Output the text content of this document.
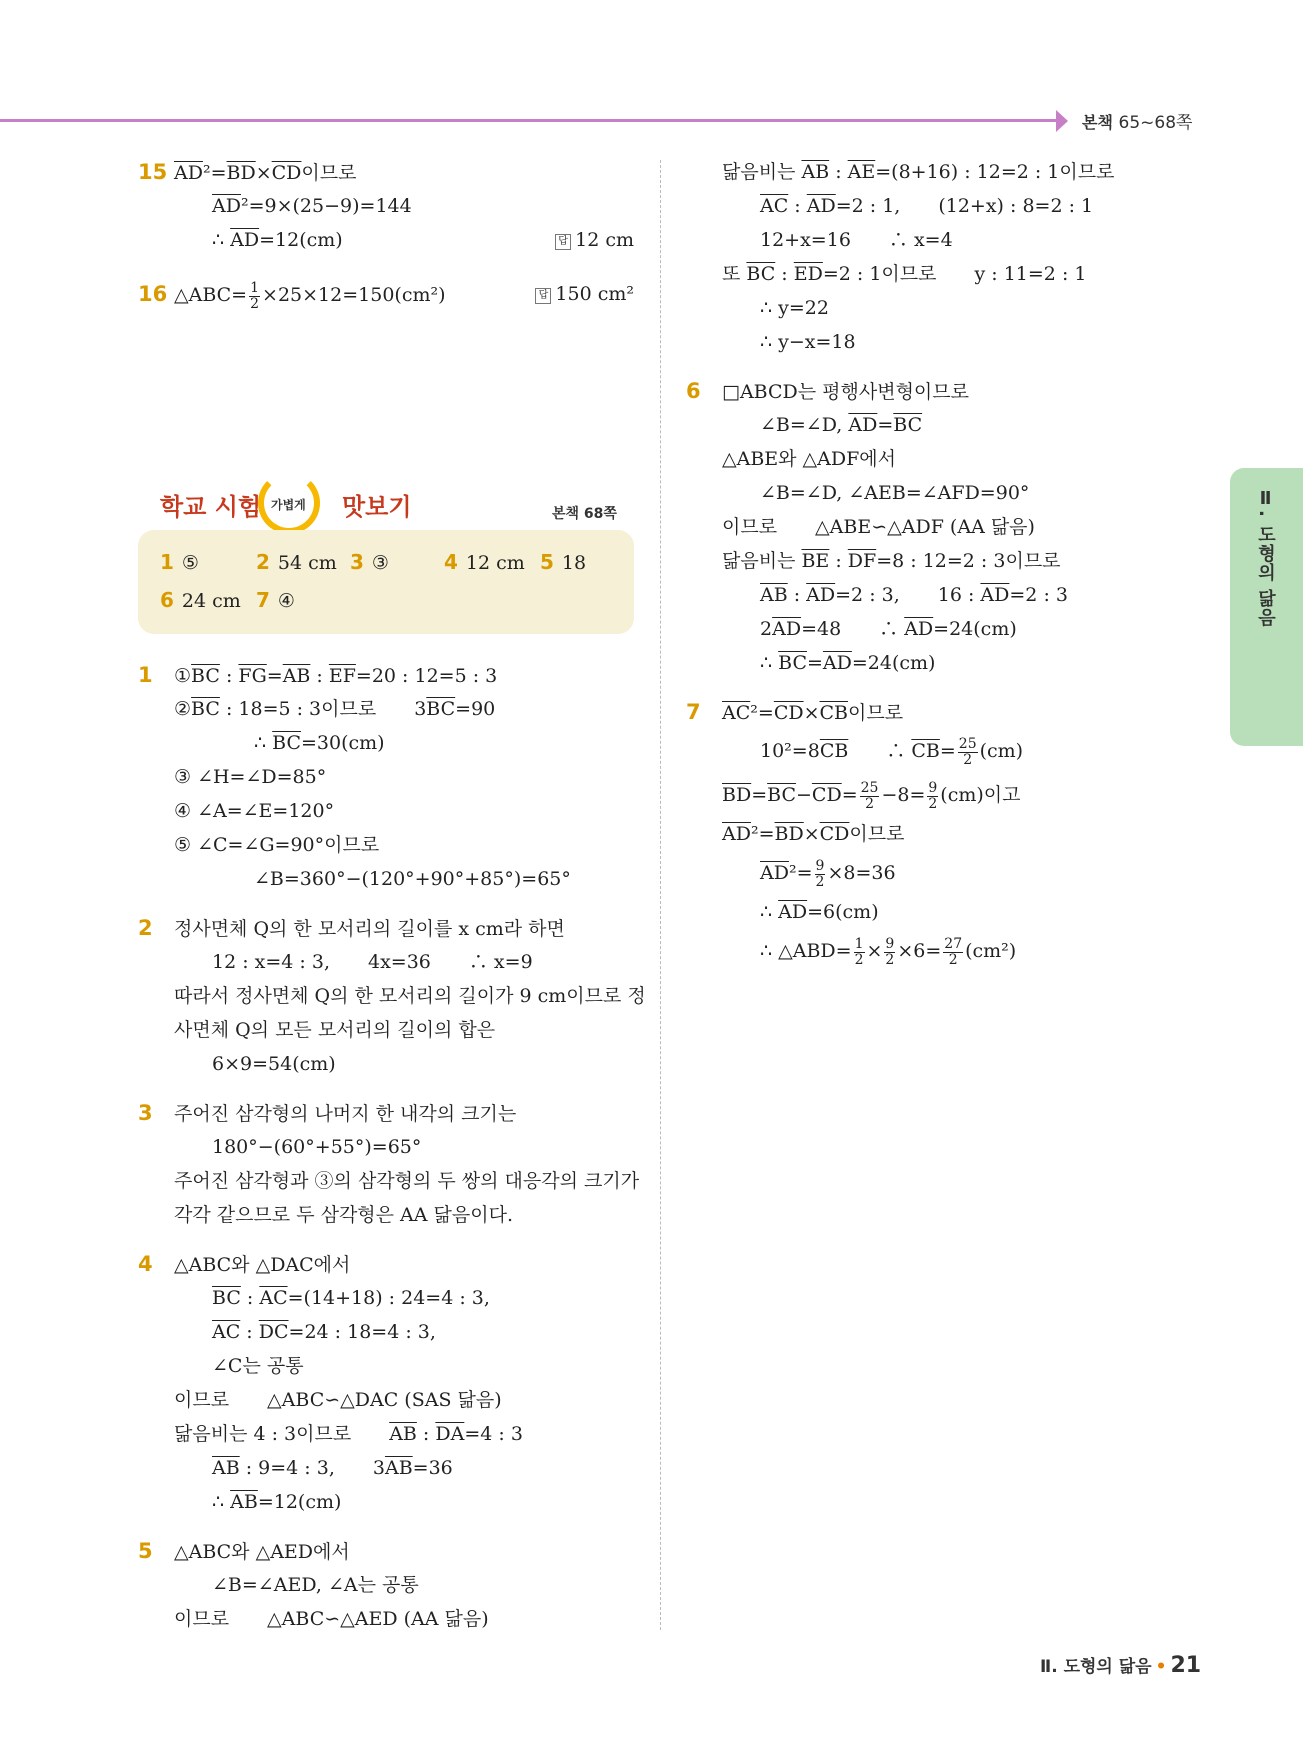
본책 65~68쪽
Ⅱ. 도형의 닮음
15 $\overline{AD}^2=\overline{BD}\times\overline{CD}$이므로
$\overline{AD}^2=9\times(25-9)=144$
∴ $\overline{AD}=12(cm)$	답 12 cm
16 △ABC= $\frac{1}{2} \times 25\times 12=150(cm^2)$	답 150 cm²
학교 시험 가볍게 맛보기	본책 68쪽
1 ⑤	2 54 cm 3 ③	4 12 cm 5 18
6 24 cm 7 ④
1 $①\overline{BC}$ : $\overline{FG}=\overline{AB}$ : $\overline{EF}=20$ : 12=5 : 3
$②\overline{BC}$ : 18=5 : 3이므로　　$3\overline{BC}=90$
∴ $\overline{BC}=30(cm)$
③ ∠H=∠D=85°
④ ∠A=∠E=120°
⑤ ∠C=∠G=90°이므로
∠B=360°−(120°+90°+85°)=65°
2 정사면체 Q의 한 모서리의 길이를 x cm라 하면
12 : x=4 : 3,　　4x=36　　∴ x=9
따라서 정사면체 Q의 한 모서리의 길이가 9 cm이므로 정
사면체 Q의 모든 모서리의 길이의 합은
6×9=54(cm)
3 주어진 삼각형의 나머지 한 내각의 크기는
180°−(60°+55°)=65°
주어진 삼각형과 ③의 삼각형의 두 쌍의 대응각의 크기가
각각 같으므로 두 삼각형은 AA 닮음이다.
4 △ABC와 △DAC에서
$\overline{BC}$ : $\overline{AC}=(14+18)$ : 24=4 : 3,
$\overline{AC}$ : $\overline{DC}=24$ : 18=4 : 3,
∠C는 공통
이므로　　△ABC∽△DAC (SAS 닮음)
닮음비는 4 : 3이므로　　$\overline{AB}$ : $\overline{DA}=4$ : 3
$\overline{AB}$ : 9=4 : 3,　　$3\overline{AB}=36$
∴ $\overline{AB}=12(cm)$
5 △ABC와 △AED에서
∠B=∠AED, ∠A는 공통
이므로　　△ABC∽△AED (AA 닮음)
닮음비는 $\overline{AB}$ : $\overline{AE}=(8+16)$ : 12=2 : 1이므로
$\overline{AC}$ : $\overline{AD}=2$ : 1,　　(12+x) : 8=2 : 1
12+x=16　　∴ x=4
또 $\overline{BC}$ : $\overline{ED}=2$ : 1이므로　　y : 11=2 : 1
∴ y=22
∴ y−x=18
6 □ABCD는 평행사변형이므로
∠B=∠D, $\overline{AD}=\overline{BC}$
△ABE와 △ADF에서
∠B=∠D, ∠AEB=∠AFD=90°
이므로　　△ABE∽△ADF (AA 닮음)
닮음비는 $\overline{BE}$ : $\overline{DF}=8$ : 12=2 : 3이므로
$\overline{AB}$ : $\overline{AD}=2$ : 3,　　16 : $\overline{AD}=2$ : 3
$2\overline{AD}=48$　　∴ $\overline{AD}=24(cm)$
∴ $\overline{BC}=\overline{AD}=24(cm)$
7 $\overline{AC}^2=\overline{CD}\times\overline{CB}$이므로
$10^2=8\overline{CB}$　　∴ $\overline{CB}= \frac{25}{2} (cm)$
$\overline{BD}=\overline{BC}-\overline{CD}= \frac{25}{2} -8= \frac{9}{2} (cm)$이고
$\overline{AD}^2=\overline{BD}\times\overline{CD}$이므로
$\overline{AD}^2= \frac{9}{2} \times 8=36$
∴ $\overline{AD}=6(cm)$
∴ △ABD= $\frac{1}{2} \times \frac{9}{2} \times 6= \frac{27}{2} (cm^2)$
Ⅱ. 도형의 닮음 • 21
